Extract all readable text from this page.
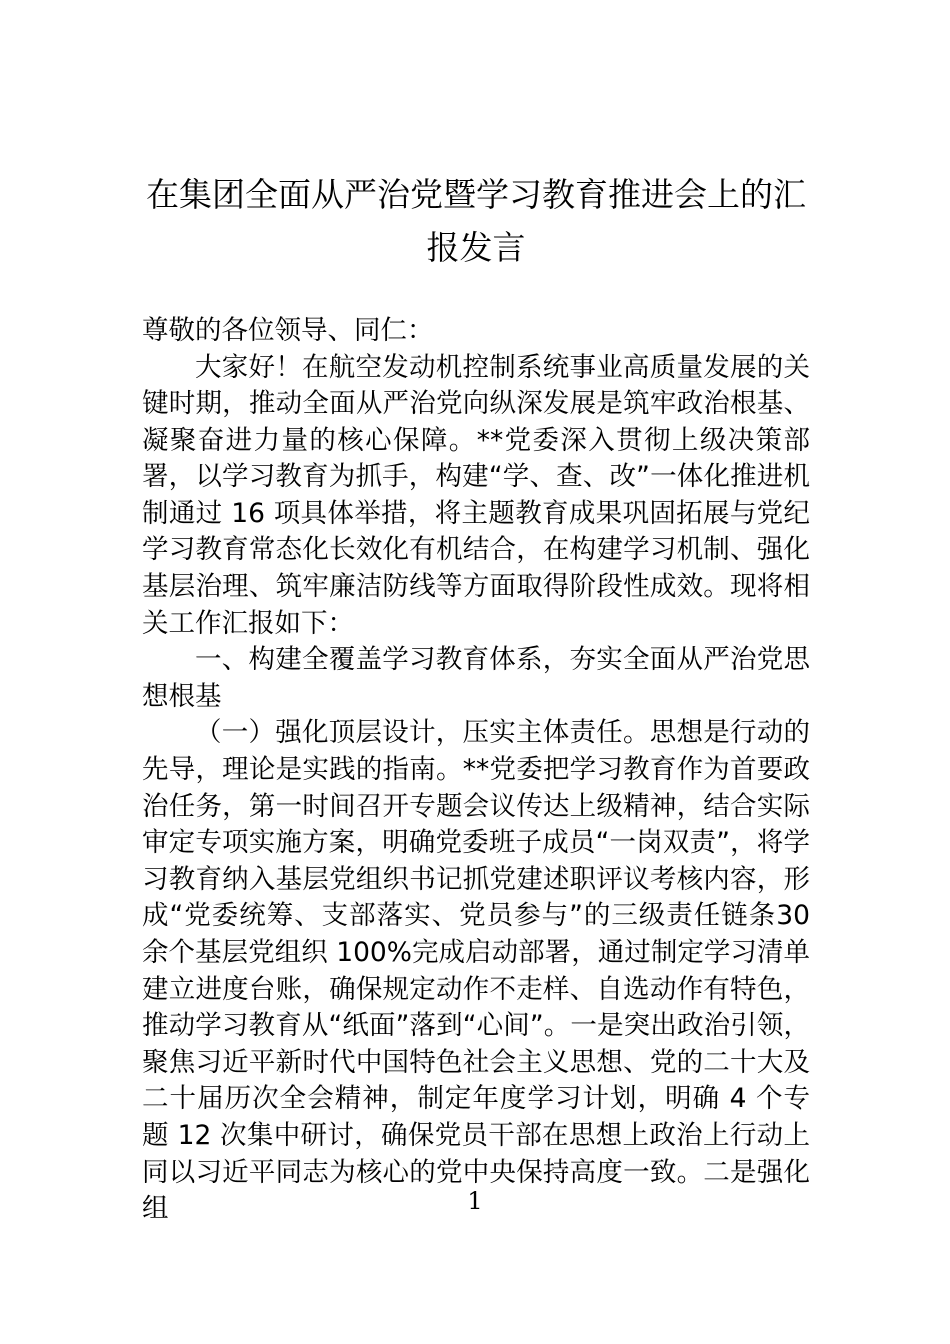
在集团全面从严治党暨学习教育推进会上的汇报发言

尊敬的各位领导、同仁：

大家好！在航空发动机控制系统事业高质量发展的关键时期，推动全面从严治党向纵深发展是筑牢政治根基、凝聚奋进力量的核心保障。**党委深入贯彻上级决策部署，以学习教育为抓手，构建“学、查、改”一体化推进机制通过 16 项具体举措，将主题教育成果巩固拓展与党纪学习教育常态化长效化有机结合，在构建学习机制、强化基层治理、筑牢廉洁防线等方面取得阶段性成效。现将相关工作汇报如下：

一、构建全覆盖学习教育体系，夯实全面从严治党思想根基

（一）强化顶层设计，压实主体责任。思想是行动的先导，理论是实践的指南。**党委把学习教育作为首要政治任务，第一时间召开专题会议传达上级精神，结合实际审定专项实施方案，明确党委班子成员“一岗双责”，将学习教育纳入基层党组织书记抓党建述职评议考核内容，形成“党委统筹、支部落实、党员参与”的三级责任链条30 余个基层党组织 100%完成启动部署，通过制定学习清单建立进度台账，确保规定动作不走样、自选动作有特色，推动学习教育从“纸面”落到“心间”。一是突出政治引领，聚焦习近平新时代中国特色社会主义思想、党的二十大及二十届历次全会精神，制定年度学习计划，明确 4 个专题 12 次集中研讨，确保党员干部在思想上政治上行动上同以习近平同志为核心的党中央保持高度一致。二是强化组	1
